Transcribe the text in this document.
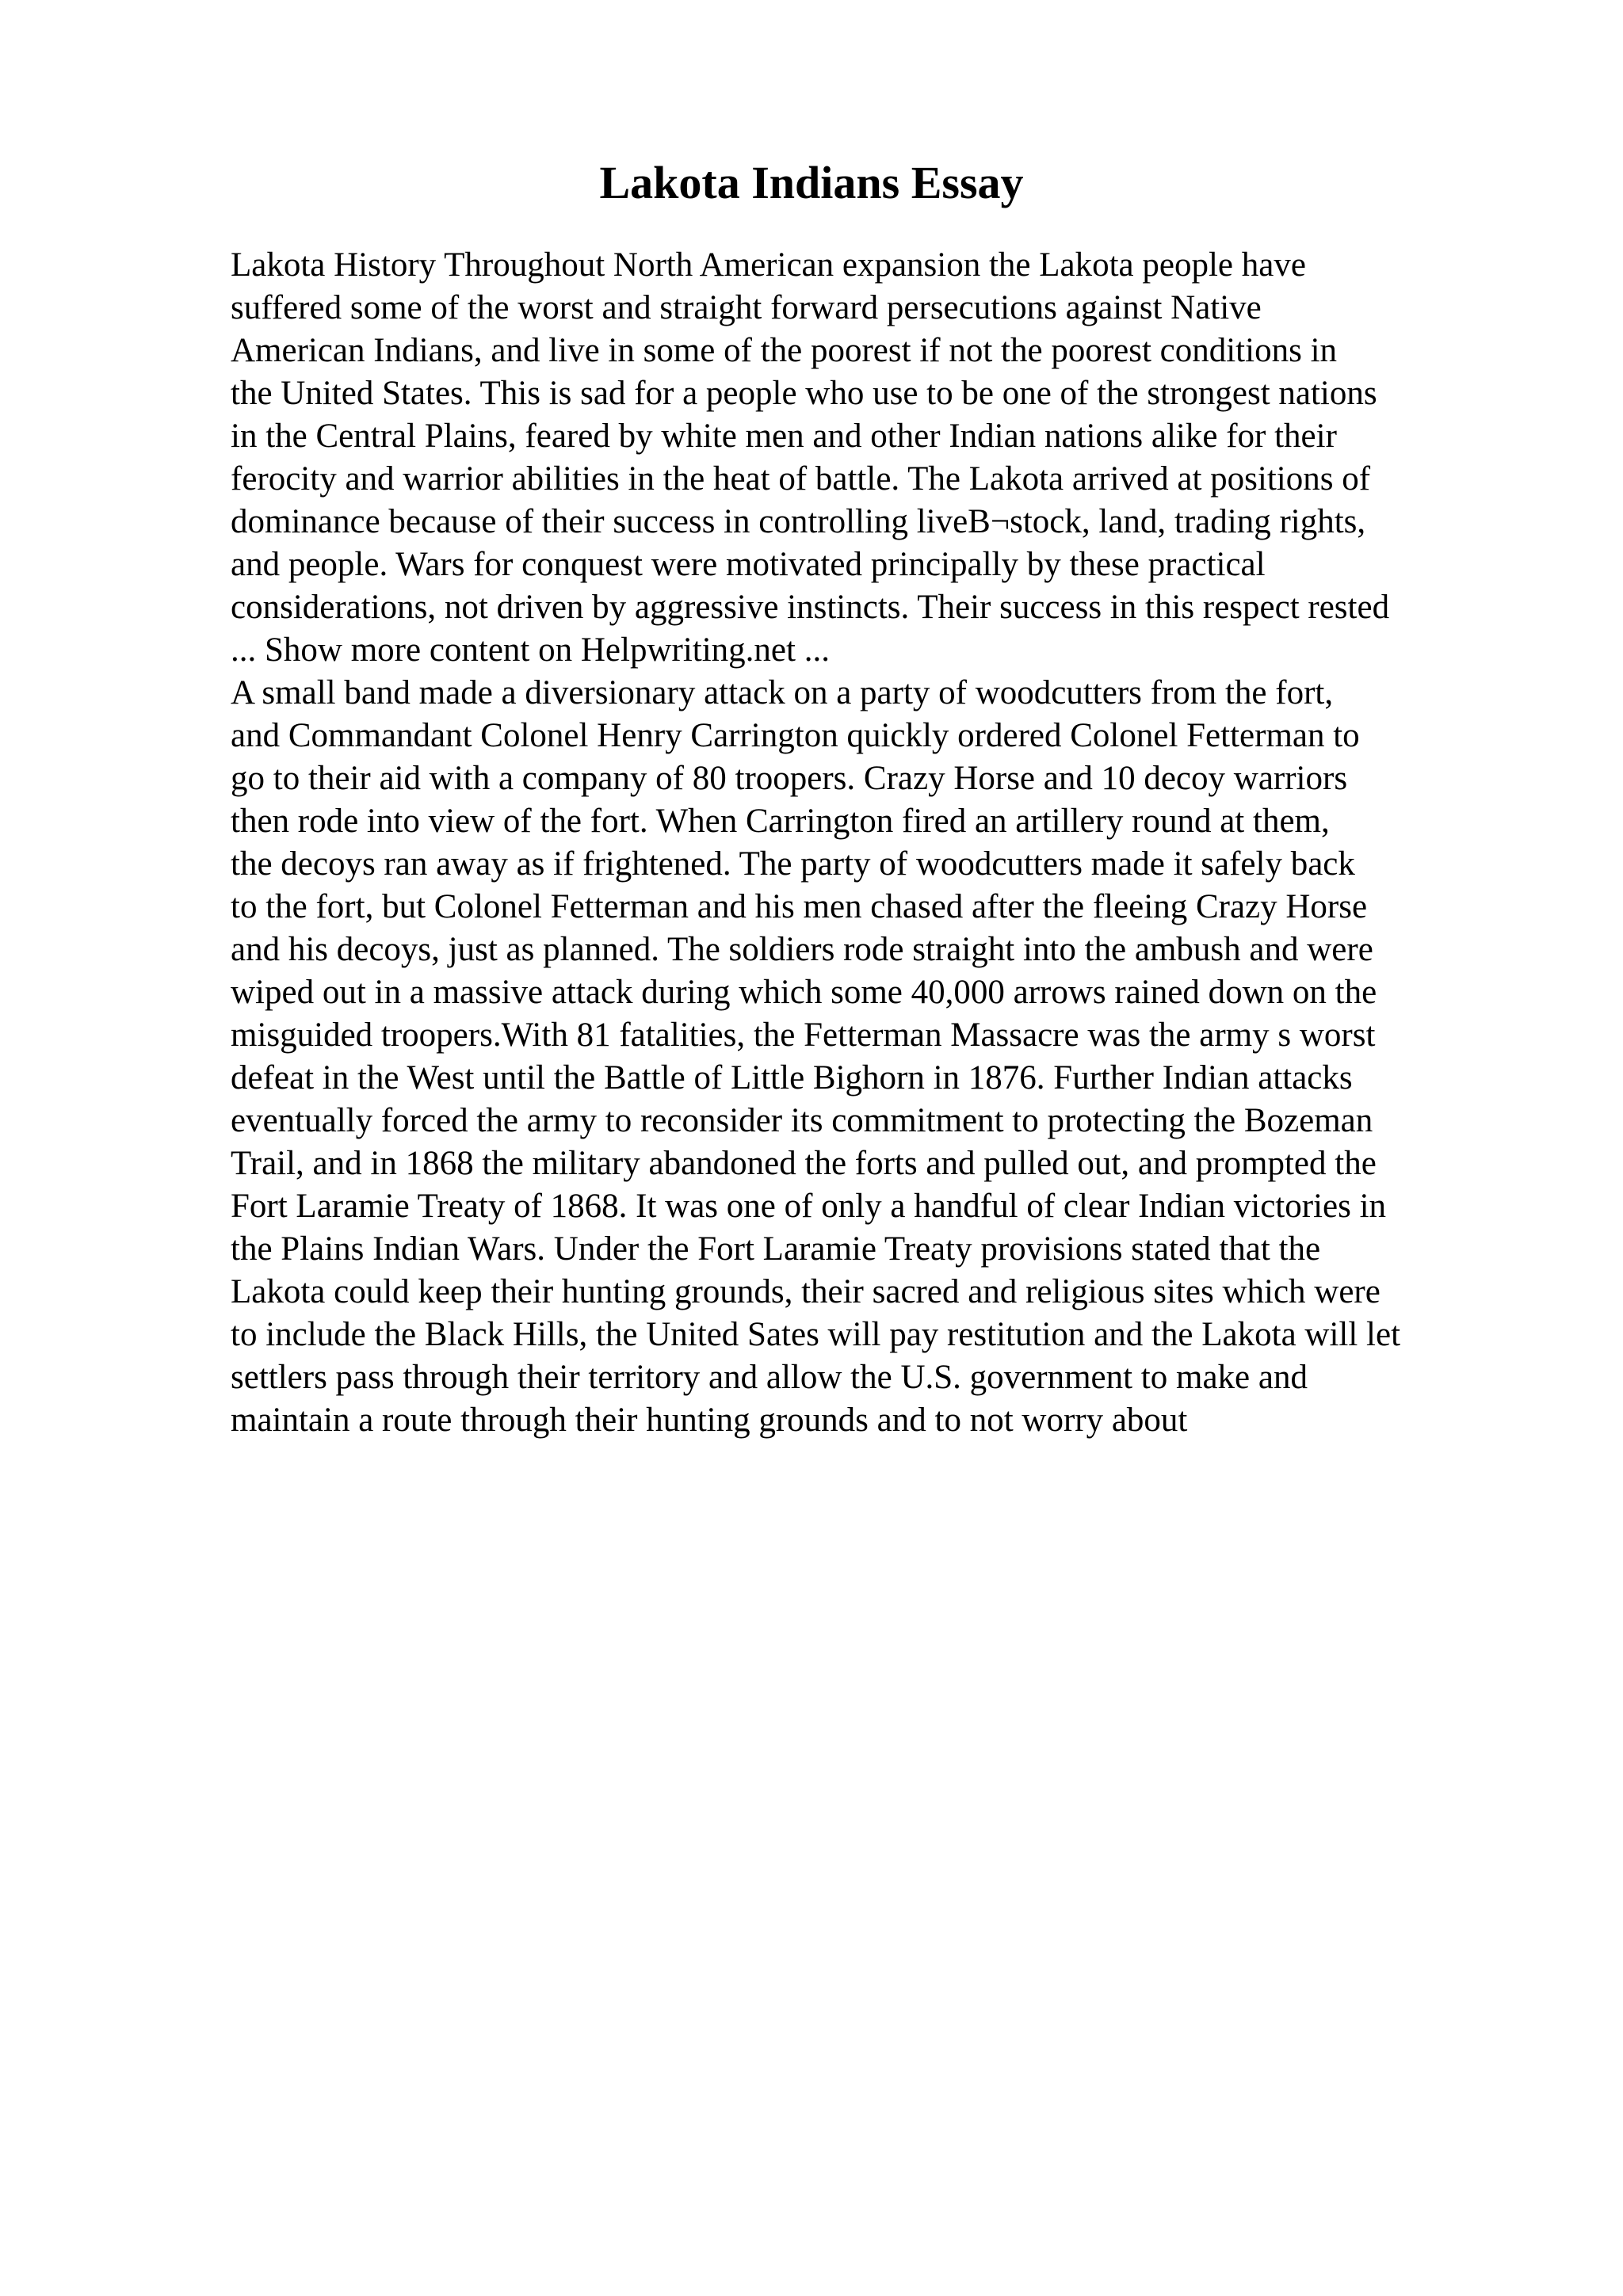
Lakota Indians Essay
Lakota History Throughout North American expansion the Lakota people have
suffered some of the worst and straight forward persecutions against Native
American Indians, and live in some of the poorest if not the poorest conditions in
the United States. This is sad for a people who use to be one of the strongest nations
in the Central Plains, feared by white men and other Indian nations alike for their
ferocity and warrior abilities in the heat of battle. The Lakota arrived at positions of
dominance because of their success in controlling liveB¬stock, land, trading rights,
and people. Wars for conquest were motivated principally by these practical
considerations, not driven by aggressive instincts. Their success in this respect rested
... Show more content on Helpwriting.net ...
A small band made a diversionary attack on a party of woodcutters from the fort,
and Commandant Colonel Henry Carrington quickly ordered Colonel Fetterman to
go to their aid with a company of 80 troopers. Crazy Horse and 10 decoy warriors
then rode into view of the fort. When Carrington fired an artillery round at them,
the decoys ran away as if frightened. The party of woodcutters made it safely back
to the fort, but Colonel Fetterman and his men chased after the fleeing Crazy Horse
and his decoys, just as planned. The soldiers rode straight into the ambush and were
wiped out in a massive attack during which some 40,000 arrows rained down on the
misguided troopers.With 81 fatalities, the Fetterman Massacre was the army s worst
defeat in the West until the Battle of Little Bighorn in 1876. Further Indian attacks
eventually forced the army to reconsider its commitment to protecting the Bozeman
Trail, and in 1868 the military abandoned the forts and pulled out, and prompted the
Fort Laramie Treaty of 1868. It was one of only a handful of clear Indian victories in
the Plains Indian Wars. Under the Fort Laramie Treaty provisions stated that the
Lakota could keep their hunting grounds, their sacred and religious sites which were
to include the Black Hills, the United Sates will pay restitution and the Lakota will let
settlers pass through their territory and allow the U.S. government to make and
maintain a route through their hunting grounds and to not worry about
